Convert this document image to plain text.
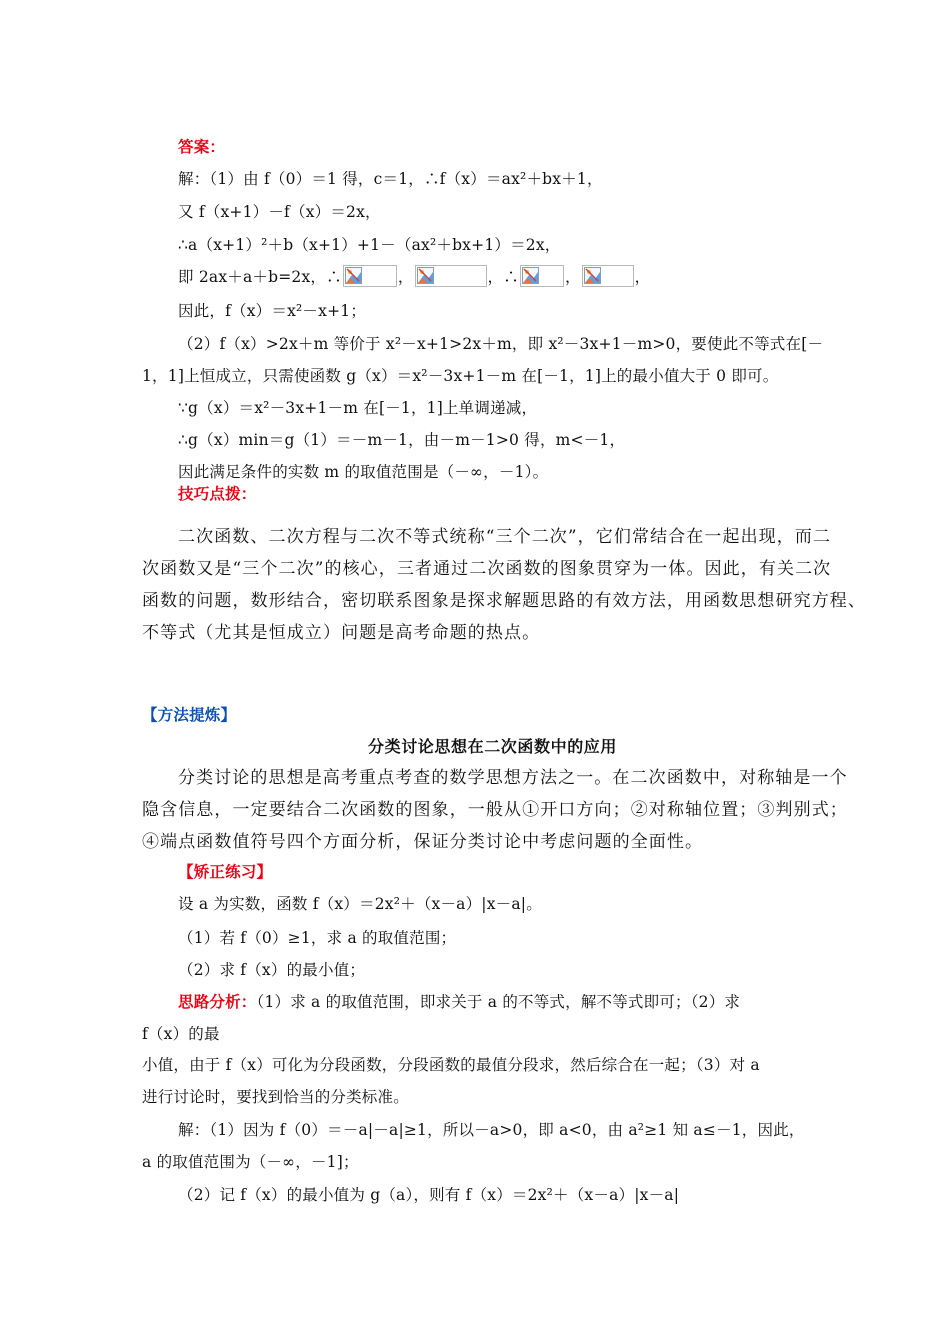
答案：
解：（1）由 f（0）＝1 得，c＝1，∴f（x）＝ax²＋bx＋1，
又 f（x+1）－f（x）＝2x，
∴a（x+1）²＋b（x+1）+1－（ax²＋bx+1）＝2x，
即 2ax＋a＋b=2x，∴	，	，∴	，	，
因此，f（x）＝x²－x+1；
（2）f（x）>2x＋m 等价于 x²－x+1>2x＋m，即 x²－3x+1－m>0，要使此不等式在[－
1，1]上恒成立，只需使函数 g（x）＝x²－3x+1－m 在[－1，1]上的最小值大于 0 即可。
∵g（x）＝x²－3x+1－m 在[－1，1]上单调递减，
∴g（x）min＝g（1）＝－m－1，由－m－1>0 得，m<－1，
因此满足条件的实数 m 的取值范围是（－∞，－1）。
技巧点拨：
二次函数、二次方程与二次不等式统称“三个二次”，它们常结合在一起出现，而二
次函数又是“三个二次”的核心，三者通过二次函数的图象贯穿为一体。因此，有关二次
函数的问题，数形结合，密切联系图象是探求解题思路的有效方法，用函数思想研究方程、
不等式（尤其是恒成立）问题是高考命题的热点。
【方法提炼】
分类讨论思想在二次函数中的应用
分类讨论的思想是高考重点考查的数学思想方法之一。在二次函数中，对称轴是一个
隐含信息，一定要结合二次函数的图象，一般从①开口方向；②对称轴位置；③判别式；
④端点函数值符号四个方面分析，保证分类讨论中考虑问题的全面性。
【矫正练习】
设 a 为实数，函数 f（x）＝2x²＋（x－a）|x－a|。
（1）若 f（0）≥1，求 a 的取值范围；
（2）求 f（x）的最小值；
思路分析：（1）求 a 的取值范围，即求关于 a 的不等式，解不等式即可；（2）求
f（x）的最
小值，由于 f（x）可化为分段函数，分段函数的最值分段求，然后综合在一起；（3）对 a
进行讨论时，要找到恰当的分类标准。
解：（1）因为 f（0）＝－a|－a|≥1，所以－a>0，即 a<0，由 a²≥1 知 a≤－1，因此，
a 的取值范围为（－∞，－1]；
（2）记 f（x）的最小值为 g（a），则有 f（x）＝2x²＋（x－a）|x－a|
